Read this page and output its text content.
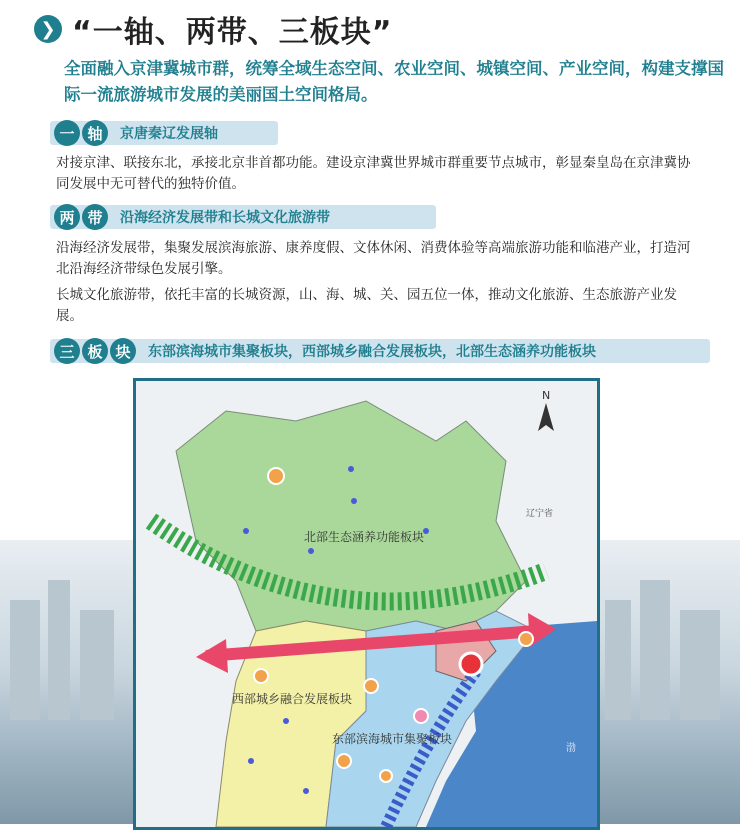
❯ “一轴、两带、三板块”
全面融入京津冀城市群，统筹全域生态空间、农业空间、城镇空间、产业空间，构建支撑国际一流旅游城市发展的美丽国土空间格局。
一 轴	京唐秦辽发展轴
对接京津、联接东北，承接北京非首都功能。建设京津冀世界城市群重要节点城市，彰显秦皇岛在京津冀协同发展中无可替代的独特价值。
两 带	沿海经济发展带和长城文化旅游带
沿海经济发展带，集聚发展滨海旅游、康养度假、文体休闲、消费体验等高端旅游功能和临港产业，打造河北沿海经济带绿色发展引擎。
长城文化旅游带，依托丰富的长城资源，山、海、城、关、园五位一体，推动文化旅游、生态旅游产业发展。
三 板 块	东部滨海城市集聚板块，西部城乡融合发展板块，北部生态涵养功能板块
N
北部生态涵养功能板块
西部城乡融合发展板块
东部滨海城市集聚板块
辽宁省
渤
